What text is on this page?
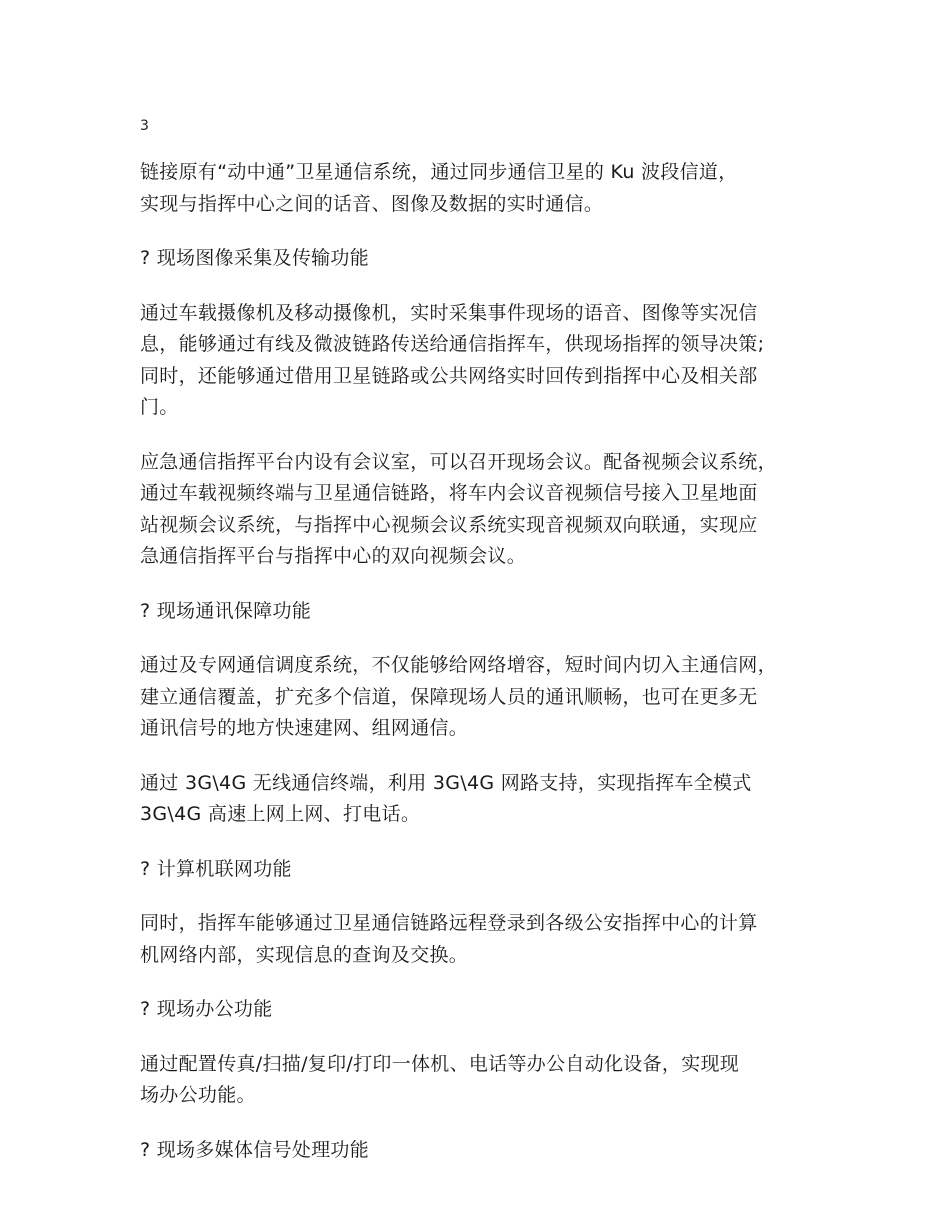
3
链接原有“动中通”卫星通信系统，通过同步通信卫星的 Ku 波段信道，
实现与指挥中心之间的话音、图像及数据的实时通信。
? 现场图像采集及传输功能
通过车载摄像机及移动摄像机，实时采集事件现场的语音、图像等实况信
息，能够通过有线及微波链路传送给通信指挥车，供现场指挥的领导决策;
同时，还能够通过借用卫星链路或公共网络实时回传到指挥中心及相关部
门。
应急通信指挥平台内设有会议室，可以召开现场会议。配备视频会议系统，
通过车载视频终端与卫星通信链路，将车内会议音视频信号接入卫星地面
站视频会议系统，与指挥中心视频会议系统实现音视频双向联通，实现应
急通信指挥平台与指挥中心的双向视频会议。
? 现场通讯保障功能
通过及专网通信调度系统，不仅能够给网络增容，短时间内切入主通信网，
建立通信覆盖，扩充多个信道，保障现场人员的通讯顺畅，也可在更多无
通讯信号的地方快速建网、组网通信。
通过 3G\4G 无线通信终端，利用 3G\4G 网路支持，实现指挥车全模式
3G\4G 高速上网上网、打电话。
? 计算机联网功能
同时，指挥车能够通过卫星通信链路远程登录到各级公安指挥中心的计算
机网络内部，实现信息的查询及交换。
? 现场办公功能
通过配置传真/扫描/复印/打印一体机、电话等办公自动化设备，实现现
场办公功能。
? 现场多媒体信号处理功能
